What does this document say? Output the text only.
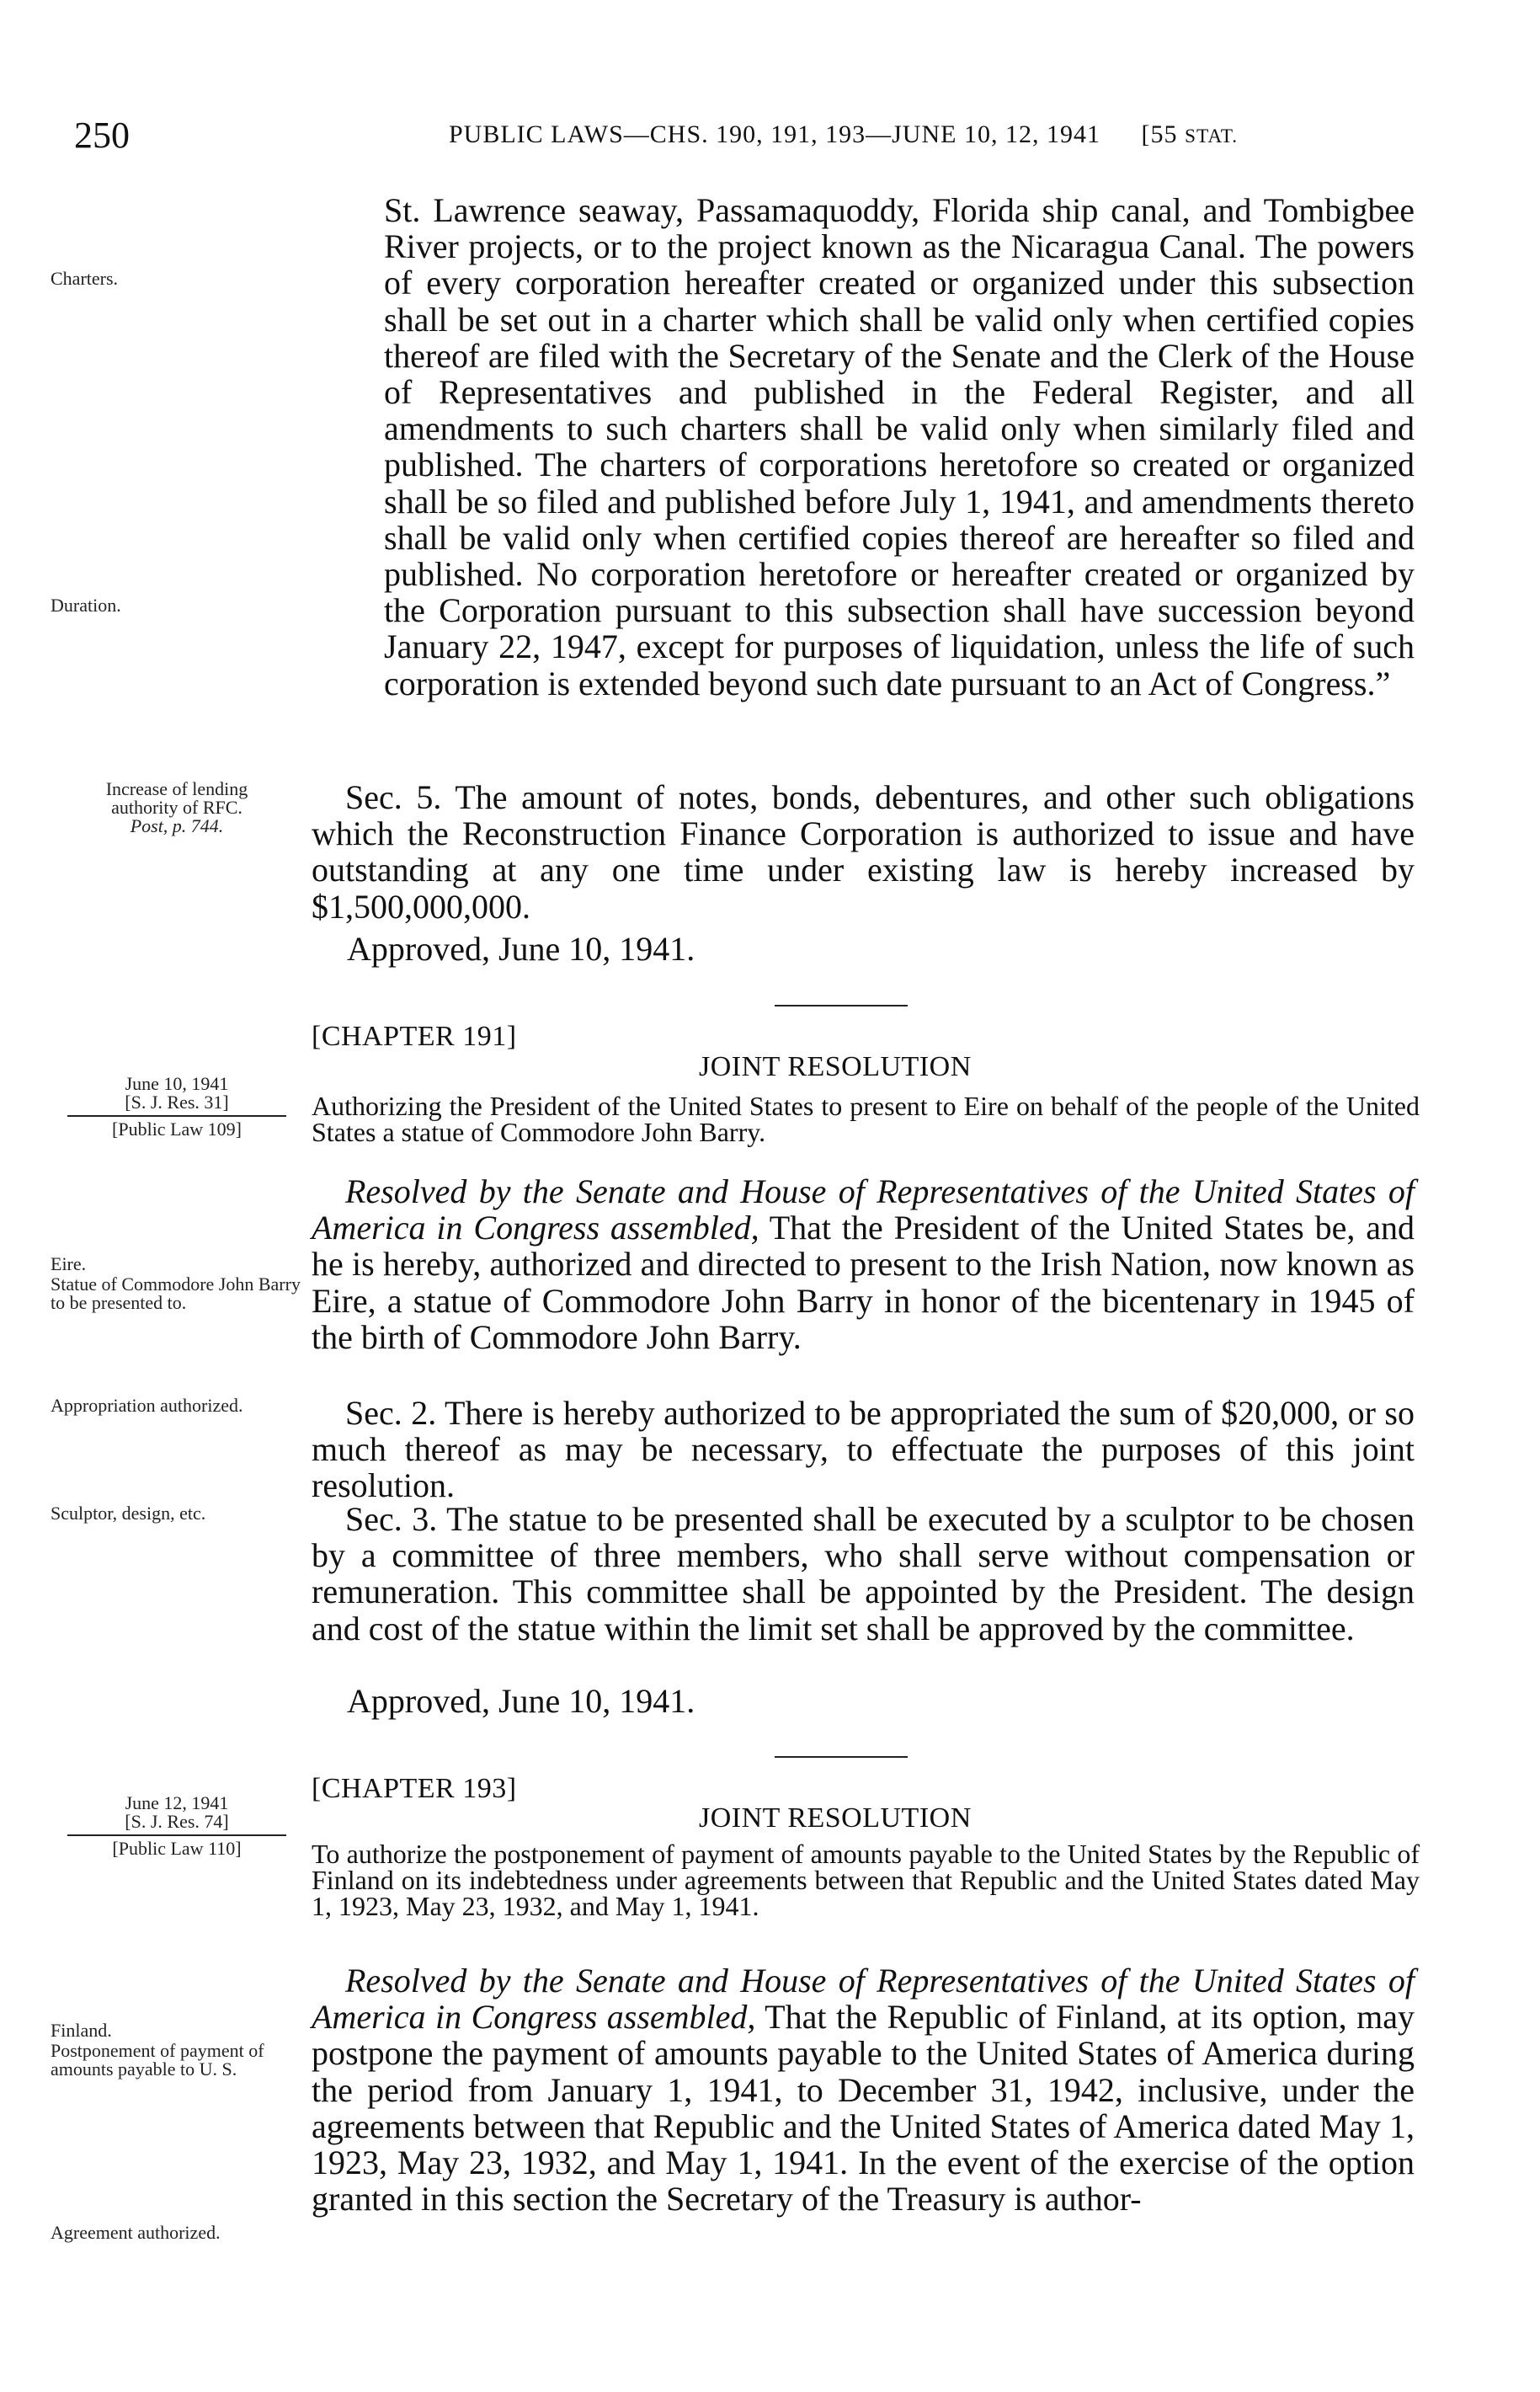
250	PUBLIC LAWS—CHS. 190, 191, 193—JUNE 10, 12, 1941 [55 STAT.

St. Lawrence seaway, Passamaquoddy, Florida ship canal, and Tombigbee River projects, or to the project known as the Nicaragua Canal. The powers of every corporation hereafter created or organized under this subsection shall be set out in a charter which shall be valid only when certified copies thereof are filed with the Secretary of the Senate and the Clerk of the House of Representatives and published in the Federal Register, and all amendments to such charters shall be valid only when similarly filed and published. The charters of corporations heretofore so created or organized shall be so filed and published before July 1, 1941, and amendments thereto shall be valid only when certified copies thereof are hereafter so filed and published. No corporation heretofore or hereafter created or organized by the Corporation pursuant to this subsection shall have succession beyond January 22, 1947, except for purposes of liquidation, unless the life of such corporation is extended beyond such date pursuant to an Act of Congress.”

Sec. 5. The amount of notes, bonds, debentures, and other such obligations which the Reconstruction Finance Corporation is authorized to issue and have outstanding at any one time under existing law is hereby increased by $1,500,000,000.

Approved, June 10, 1941.

Charters.
Duration.
Increase of lending
authority of RFC.
Post, p. 744.
[CHAPTER 191]
JOINT RESOLUTION
June 10, 1941
[S. J. Res. 31]
[Public Law 109]

Authorizing the President of the United States to present to Eire on behalf of the people of the United States a statue of Commodore John Barry.

Resolved by the Senate and House of Representatives of the United States of America in Congress assembled, That the President of the United States be, and he is hereby, authorized and directed to present to the Irish Nation, now known as Eire, a statue of Commodore John Barry in honor of the bicentenary in 1945 of the birth of Commodore John Barry.

Sec. 2. There is hereby authorized to be appropriated the sum of $20,000, or so much thereof as may be necessary, to effectuate the purposes of this joint resolution.

Sec. 3. The statue to be presented shall be executed by a sculptor to be chosen by a committee of three members, who shall serve without compensation or remuneration. This committee shall be appointed by the President. The design and cost of the statue within the limit set shall be approved by the committee.

Approved, June 10, 1941.

Eire.
Statue of Commodore John Barry to be presented to.
Appropriation authorized.
Sculptor, design, etc.
[CHAPTER 193]
JOINT RESOLUTION
June 12, 1941
[S. J. Res. 74]
[Public Law 110]	To authorize the postponement of payment of amounts payable to the United States by the Republic of Finland on its indebtedness under agreements between that Republic and the United States dated May 1, 1923, May 23, 1932, and May 1, 1941.

Resolved by the Senate and House of Representatives of the United States of America in Congress assembled, That the Republic of Finland, at its option, may postpone the payment of amounts payable to the United States of America during the period from January 1, 1941, to December 31, 1942, inclusive, under the agreements between that Republic and the United States of America dated May 1, 1923, May 23, 1932, and May 1, 1941. In the event of the exercise of the option granted in this section the Secretary of the Treasury is author-

Finland.
Postponement of payment of amounts payable to U. S.
Agreement authorized.
